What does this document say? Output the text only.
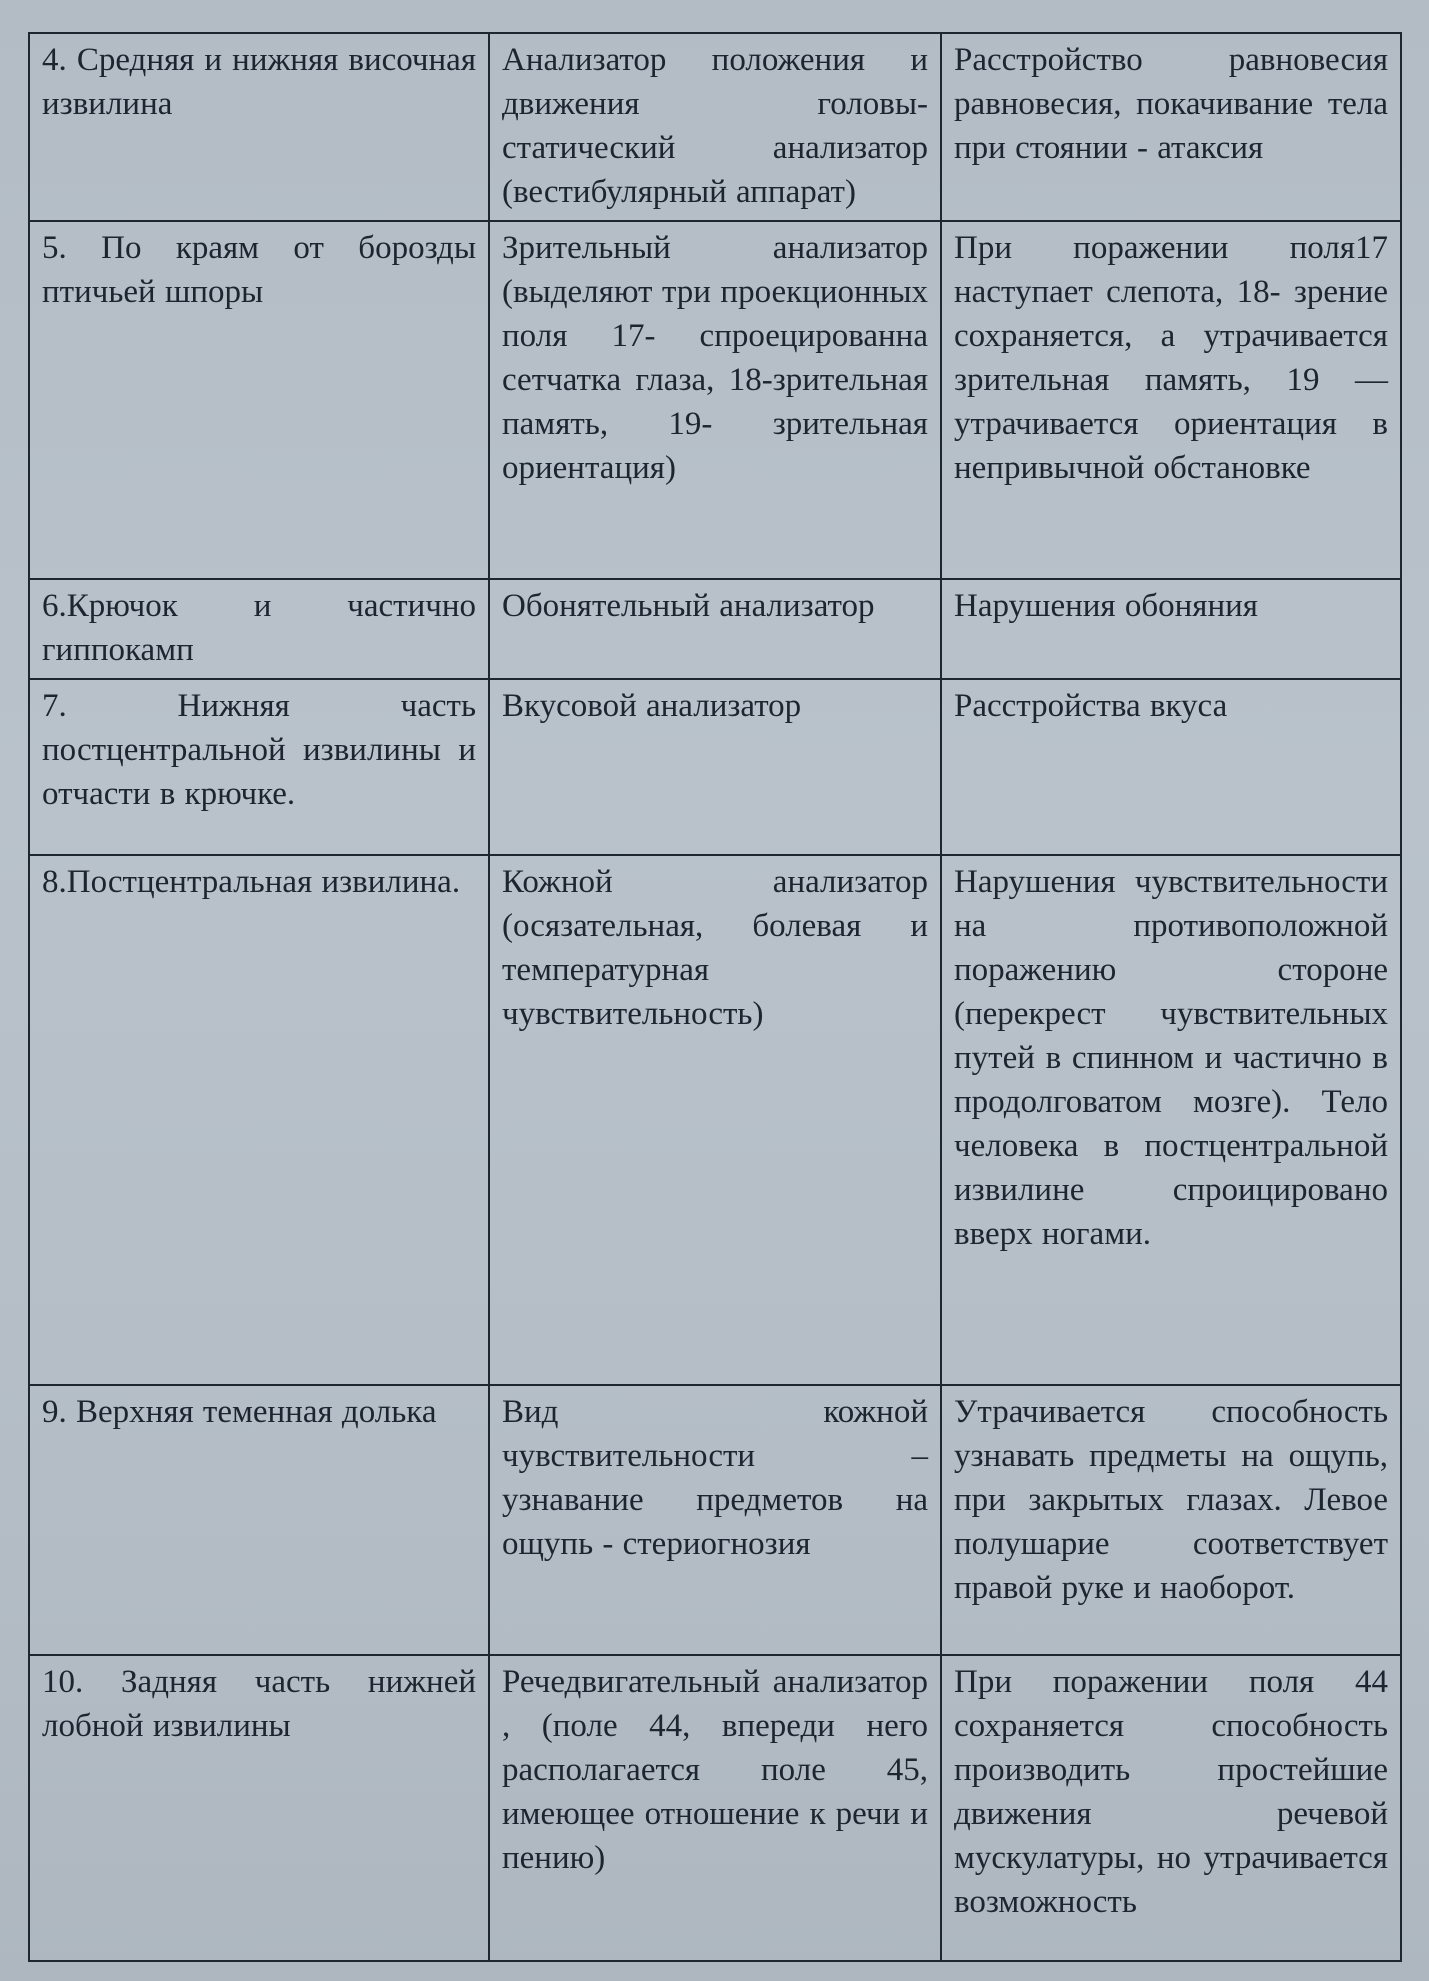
4. Средняя и нижняя височная извилина	Анализатор положения и движения головы- статический анализатор (вестибулярный аппарат)	Расстройство равновесия равновесия, покачивание тела при стоянии - атаксия

5. По краям от борозды птичьей шпоры	Зрительный анализатор (выделяют три проекционных поля 17- спроецированна сетчатка глаза, 18-зрительная память, 19- зрительная ориентация)	При поражении поля17 наступает слепота, 18- зрение сохраняется, а утрачивается зрительная память, 19 — утрачивается ориентация в непривычной обстановке

6.Крючок и частично гиппокамп	Обонятельный анализатор	Нарушения обоняния

7. Нижняя часть постцентральной извилины и отчасти в крючке.	Вкусовой анализатор	Расстройства вкуса

8.Постцентральная извилина.	Кожной анализатор (осязательная, болевая и температурная чувствительность)	Нарушения чувствительности на противоположной поражению стороне (перекрест чувствительных путей в спинном и частично в продолговатом мозге). Тело человека в постцентральной извилине спроицировано вверх ногами.

9. Верхняя теменная долька	Вид кожной чувствительности – узнавание предметов на ощупь - стериогнозия	Утрачивается способность узнавать предметы на ощупь, при закрытых глазах. Левое полушарие соответствует правой руке и наоборот.

10. Задняя часть нижней лобной извилины	Речедвигательный анализатор , (поле 44, впереди него располагается поле 45, имеющее отношение к речи и пению)	При поражении поля 44 сохраняется способность производить простейшие движения речевой мускулатуры, но утрачивается возможность
